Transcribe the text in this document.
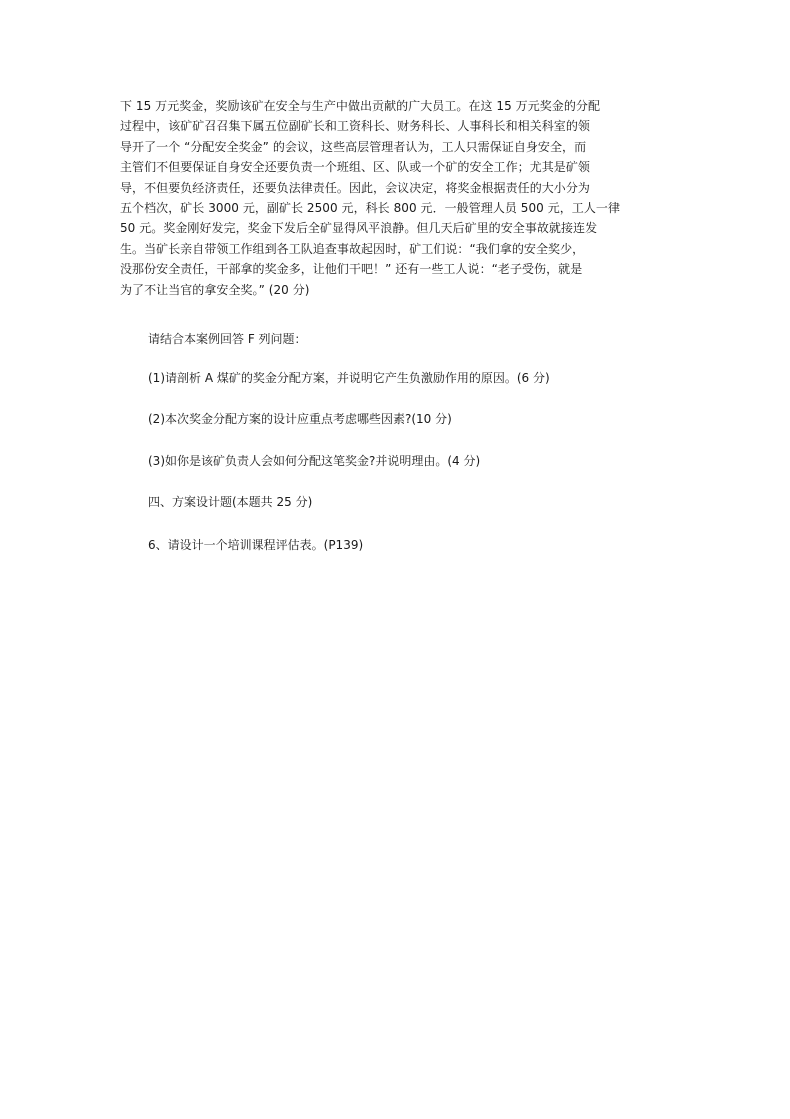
下 15 万元奖金，奖励该矿在安全与生产中做出贡献的广大员工。在这 15 万元奖金的分配
过程中，该矿矿召召集下属五位副矿长和工资科长、财务科长、人事科长和相关科室的领
导开了一个 “分配安全奖金” 的会议，这些高层管理者认为，工人只需保证自身安全，而
主管们不但要保证自身安全还要负责一个班组、区、队或一个矿的安全工作；尤其是矿领
导，不但要负经济责任，还要负法律责任。因此，会议决定，将奖金根据责任的大小分为
五个档次，矿长 3000 元，副矿长 2500 元，科长 800 元．一般管理人员 500 元，工人一律
50 元。奖金刚好发完，奖金下发后全矿显得风平浪静。但几天后矿里的安全事故就接连发
生。当矿长亲自带领工作组到各工队追查事故起因时，矿工们说：“我们拿的安全奖少，
没那份安全责任，干部拿的奖金多，让他们干吧！” 还有一些工人说：“老子受伤，就是
为了不让当官的拿安全奖。” (20 分)
请结合本案例回答 F 列问题：
(1)请剖析 A 煤矿的奖金分配方案，并说明它产生负激励作用的原因。(6 分)
(2)本次奖金分配方案的设计应重点考虑哪些因素?(10 分)
(3)如你是该矿负责人会如何分配这笔奖金?并说明理由。(4 分)
四、方案设计题(本题共 25 分)
6、请设计一个培训课程评估表。(P139)
